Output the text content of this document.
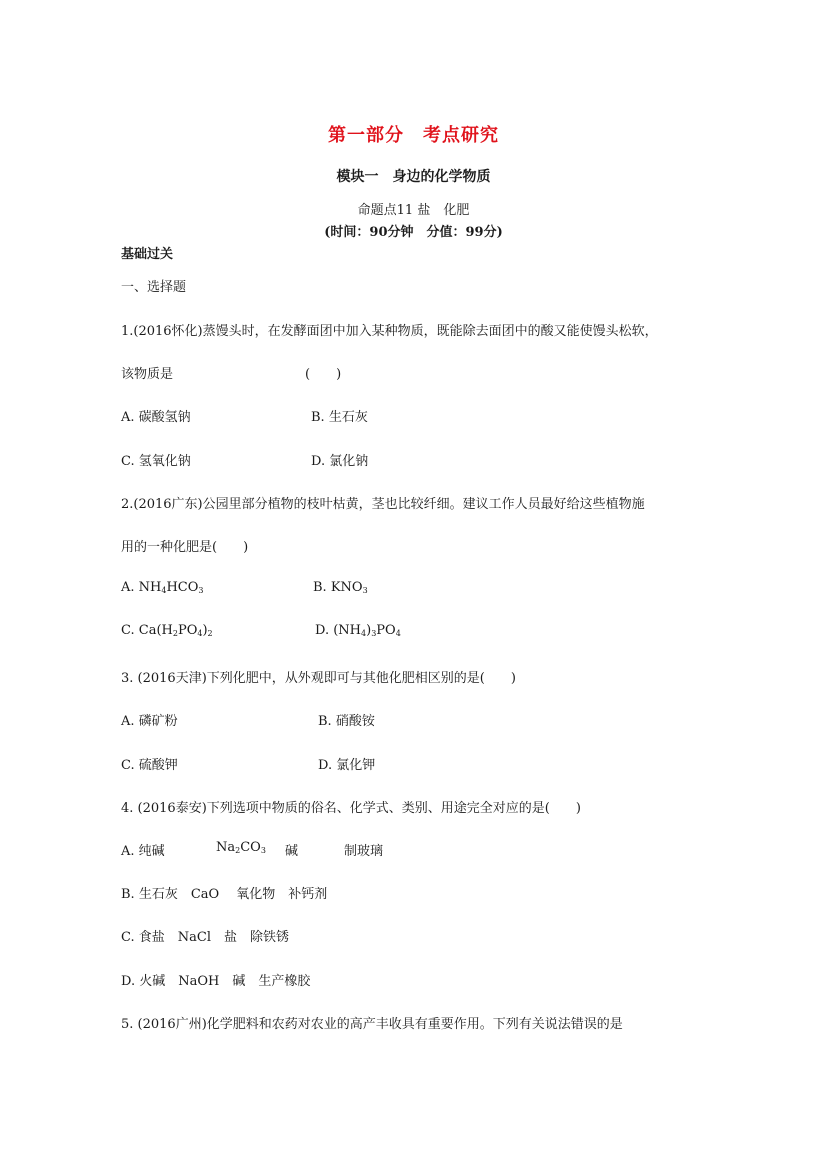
第一部分　考点研究
模块一　身边的化学物质
命题点11 盐　化肥
(时间：90分钟　分值：99分)
基础过关
一、选择题
1.(2016怀化)蒸馒头时，在发酵面团中加入某种物质，既能除去面团中的酸又能使馒头松软，
该物质是	(　　)
A. 碳酸氢钠	B. 生石灰
C. 氢氧化钠	D. 氯化钠
2.(2016广东)公园里部分植物的枝叶枯黄，茎也比较纤细。建议工作人员最好给这些植物施
用的一种化肥是(　　)
A. $NH_4HCO_3$	B. $KNO_3$
C. $Ca(H_2PO_4)_2$	D. $(NH_4)_3PO_4$
3. (2016天津)下列化肥中，从外观即可与其他化肥相区别的是(　　)
A. 磷矿粉	B. 硝酸铵
C. 硫酸钾	D. 氯化钾
4. (2016泰安)下列选项中物质的俗名、化学式、类别、用途完全对应的是(　　)
A. 纯碱	$Na_2CO_3$ 碱	制玻璃
B. 生石灰　CaO　 氧化物　补钙剂
C. 食盐　NaCl　盐　除铁锈
D. 火碱　NaOH　碱　生产橡胶
5. (2016广州)化学肥料和农药对农业的高产丰收具有重要作用。下列有关说法错误的是
